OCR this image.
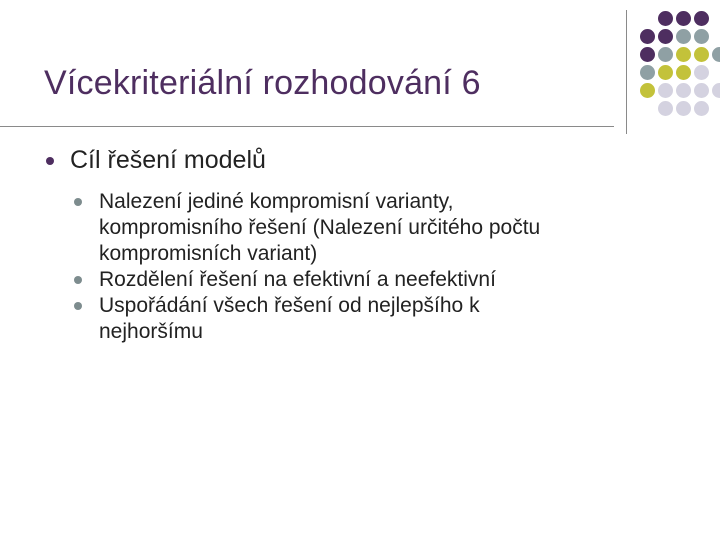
Vícekriteriální rozhodování 6
Cíl řešení modelů
Nalezení jediné kompromisní varianty,
kompromisního řešení (Nalezení určitého počtu
kompromisních variant)
Rozdělení řešení na efektivní a neefektivní
Uspořádání všech řešení od nejlepšího k
nejhoršímu
